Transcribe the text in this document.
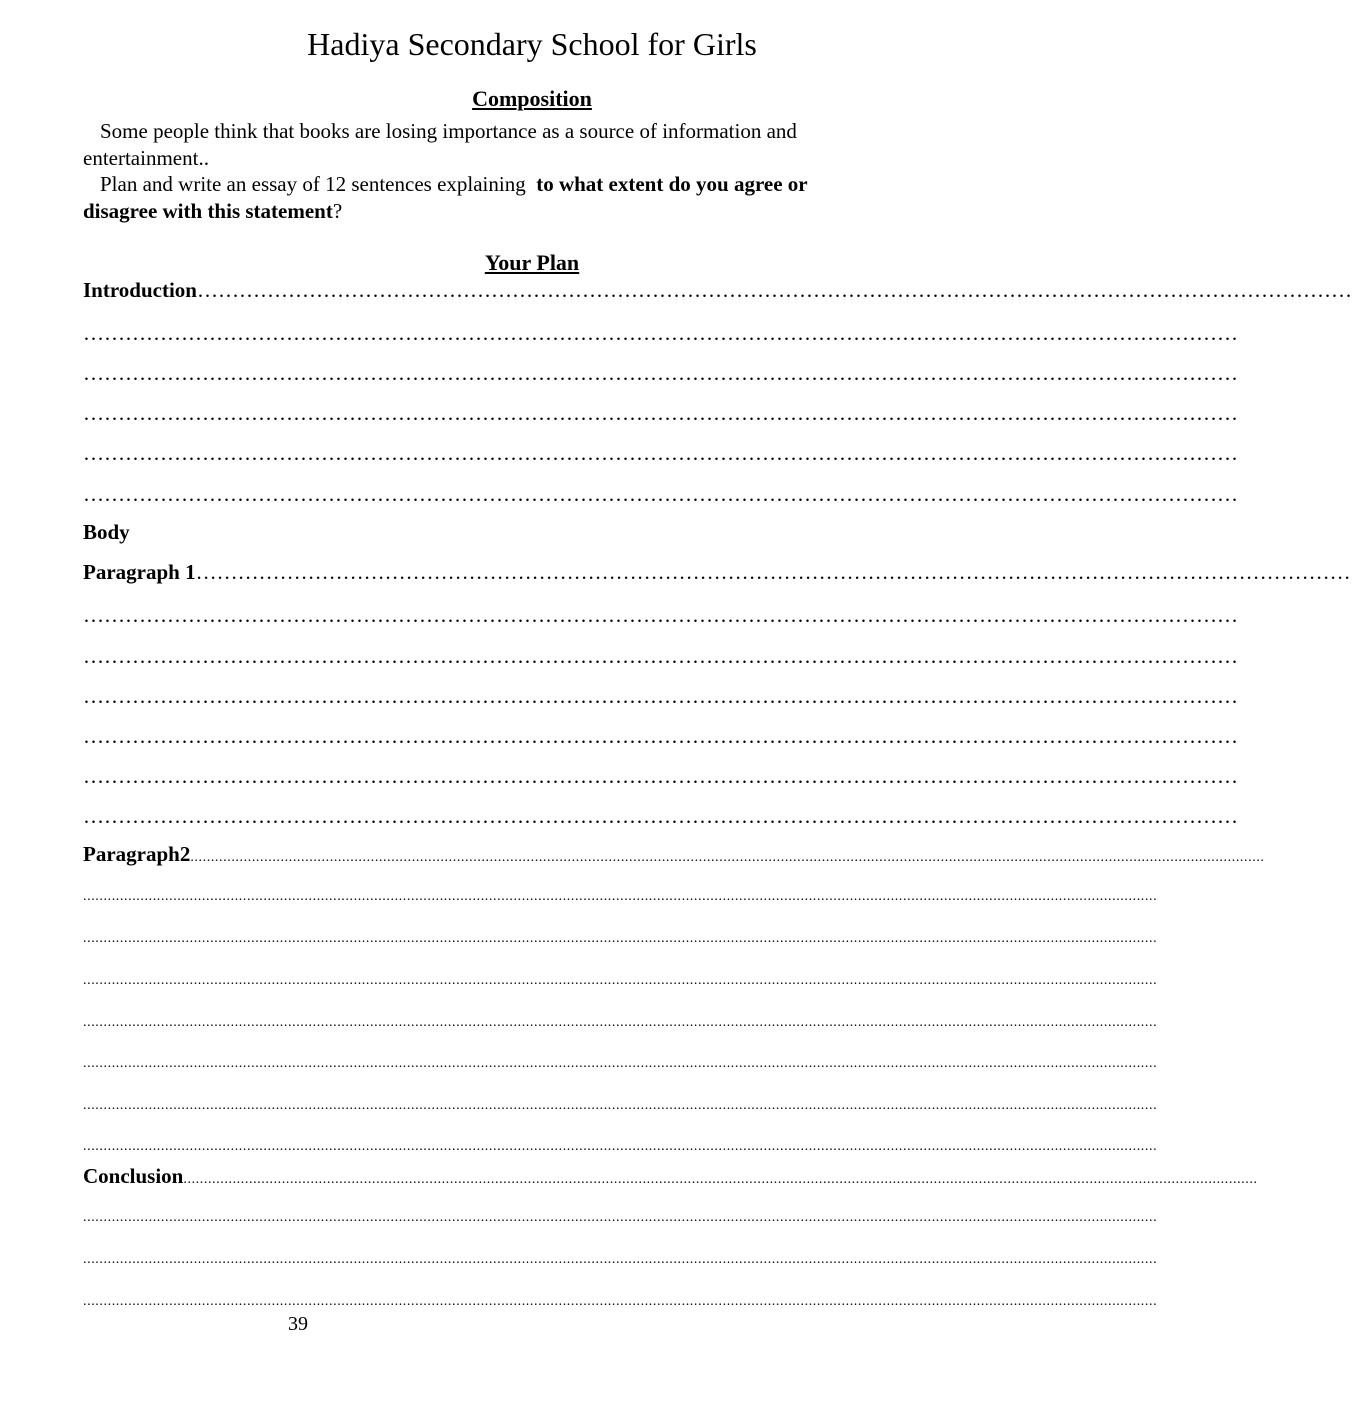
Hadiya Secondary School for Girls
Composition
Some people think that books are losing importance as a source of information and entertainment..
Plan and write an essay of 12 sentences explaining to what extent do you agree or disagree with this statement?
Your Plan
Introduction …………………………………………………………………………………………………………………………………………………
…………………………………………………………………………………………………………………………………………………
…………………………………………………………………………………………………………………………………………………
…………………………………………………………………………………………………………………………………………………
…………………………………………………………………………………………………………………………………………………
…………………………………………………………………………………………………………………………………………………
Body
Paragraph 1 …………………………………………………………………………………………………………………………………………………
…………………………………………………………………………………………………………………………………………………
…………………………………………………………………………………………………………………………………………………
…………………………………………………………………………………………………………………………………………………
…………………………………………………………………………………………………………………………………………………
…………………………………………………………………………………………………………………………………………………
…………………………………………………………………………………………………………………………………………………
Paragraph2 ......................................................................................................................................................................................................................................................................
......................................................................................................................................................................................................................................................................
......................................................................................................................................................................................................................................................................
......................................................................................................................................................................................................................................................................
......................................................................................................................................................................................................................................................................
......................................................................................................................................................................................................................................................................
......................................................................................................................................................................................................................................................................
......................................................................................................................................................................................................................................................................
Conclusion ......................................................................................................................................................................................................................................................................
......................................................................................................................................................................................................................................................................
......................................................................................................................................................................................................................................................................
......................................................................................................................................................................................................................................................................
39
